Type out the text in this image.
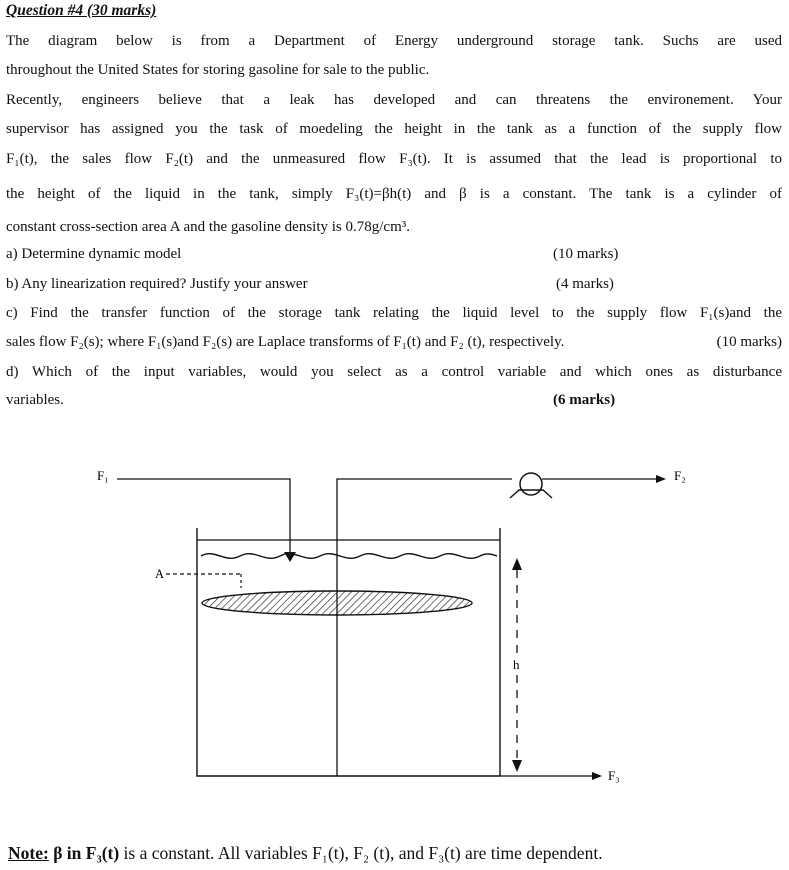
Question #4 (30 marks)
The diagram below is from a Department of Energy underground storage tank. Suchs are used
throughout the United States for storing gasoline for sale to the public.
Recently, engineers believe that a leak has developed and can threatens the environement. Your
supervisor has assigned you the task of moedeling the height in the tank as a function of the supply flow
F₁(t), the sales flow F₂(t) and the unmeasured flow F₃(t). It is assumed that the lead is proportional to
the height of the liquid in the tank, simply F₃(t)=βh(t) and β is a constant. The tank is a cylinder of
constant cross-section area A and the gasoline density is 0.78g/cm³.
a) Determine dynamic model	(10 marks)
b) Any linearization required? Justify your answer	(4 marks)
c) Find the transfer function of the storage tank relating the liquid level to the supply flow F₁(s)and the
sales flow F₂(s); where F₁(s)and F₂(s) are Laplace transforms of F₁(t) and F₂ (t), respectively.	(10 marks)
d) Which of the input variables, would you select as a control variable and which ones as disturbance
variables.	(6 marks)
F₁	F₂
A
h
F₃
Note: β in F₃(t) is a constant. All variables F₁(t), F₂ (t), and F₃(t) are time dependent.
